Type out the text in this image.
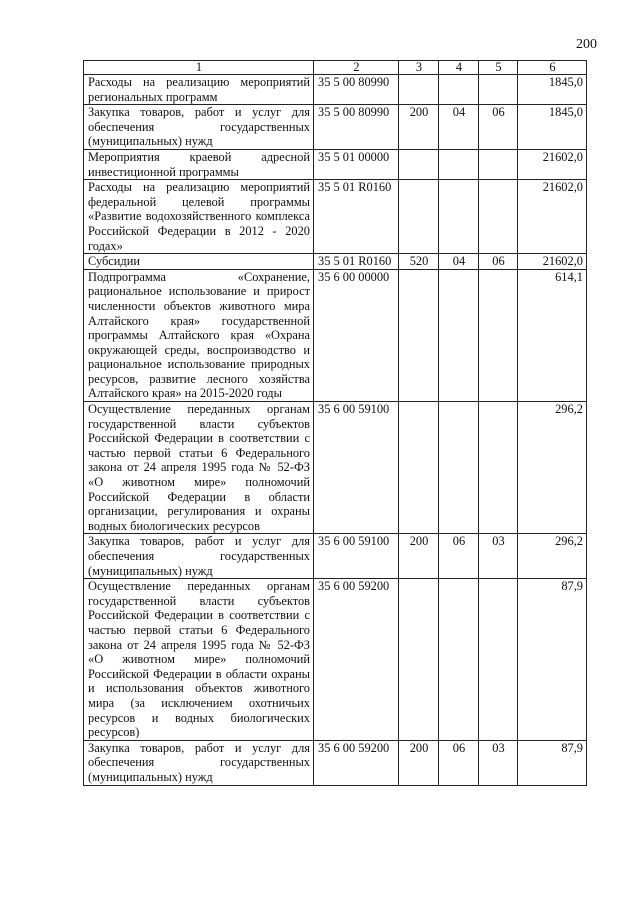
200
1	2	3	4	5	6
Расходы на реализацию мероприятий региональных программ	35 5 00 80990				1845,0
Закупка товаров, работ и услуг для обеспечения государственных (муниципальных) нужд	35 5 00 80990	200	04	06	1845,0
Мероприятия краевой адресной инвестиционной программы	35 5 01 00000				21602,0
Расходы на реализацию мероприятий федеральной целевой программы «Развитие водохозяйственного комплекса Российской Федерации в 2012 - 2020 годах»	35 5 01 R0160				21602,0
Субсидии	35 5 01 R0160	520	04	06	21602,0
Подпрограмма «Сохранение, рациональное использование и прирост численности объектов животного мира Алтайского края» государственной программы Алтайского края «Охрана окружающей среды, воспроизводство и рациональное использование природных ресурсов, развитие лесного хозяйства Алтайского края» на 2015-2020 годы	35 6 00 00000				614,1
Осуществление переданных органам государственной власти субъектов Российской Федерации в соответствии с частью первой статьи 6 Федерального закона от 24 апреля 1995 года № 52-ФЗ «О животном мире» полномочий Российской Федерации в области организации, регулирования и охраны водных биологических ресурсов	35 6 00 59100				296,2
Закупка товаров, работ и услуг для обеспечения государственных (муниципальных) нужд	35 6 00 59100	200	06	03	296,2
Осуществление переданных органам государственной власти субъектов Российской Федерации в соответствии с частью первой статьи 6 Федерального закона от 24 апреля 1995 года № 52-ФЗ «О животном мире» полномочий Российской Федерации в области охраны и использования объектов животного мира (за исключением охотничьих ресурсов и водных биологических ресурсов)	35 6 00 59200				87,9
Закупка товаров, работ и услуг для обеспечения государственных (муниципальных) нужд	35 6 00 59200	200	06	03	87,9
